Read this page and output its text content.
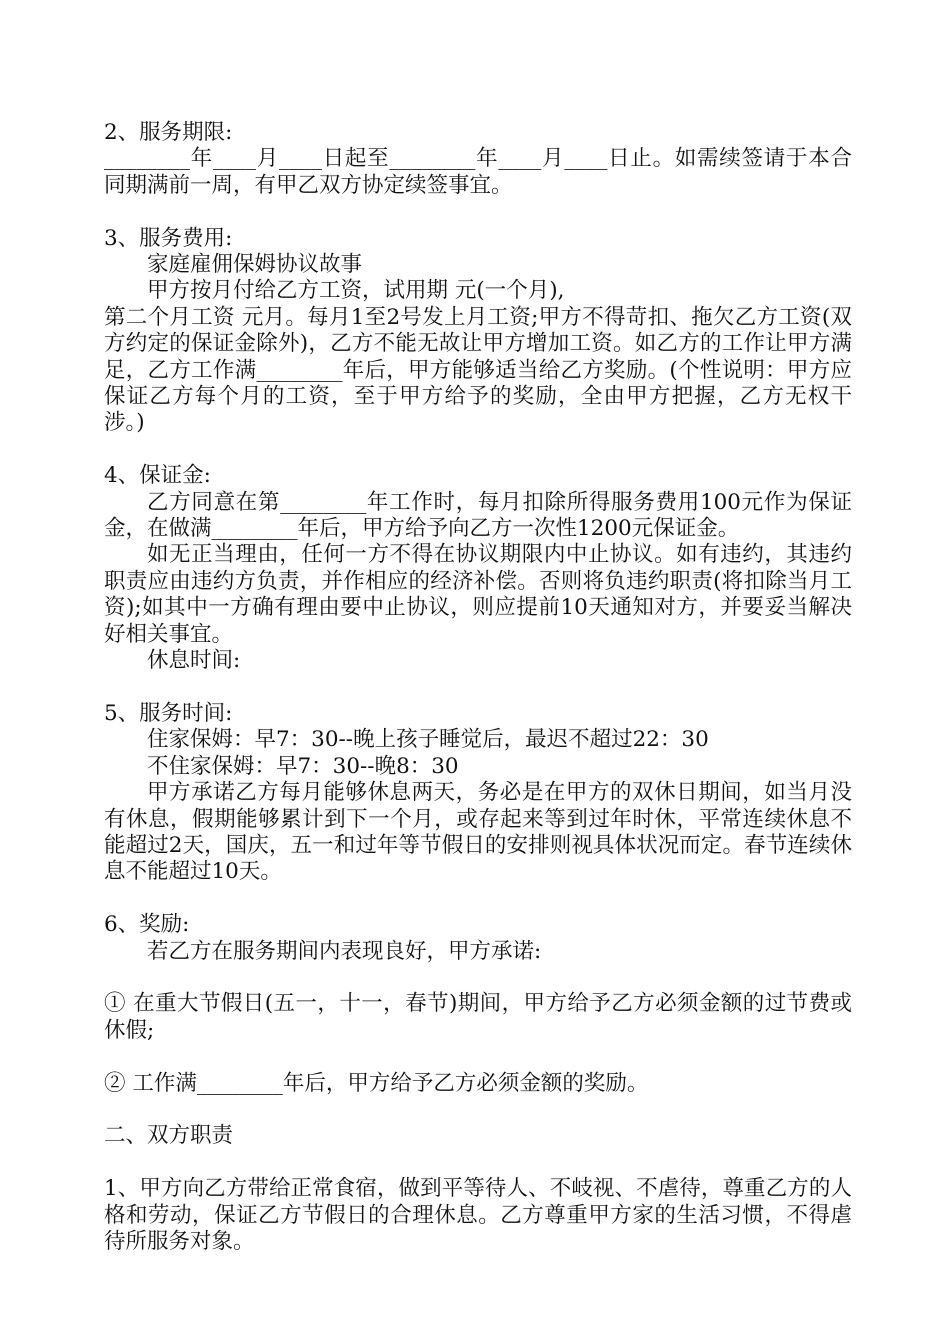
2、服务期限:

________年____月____日起至________年____月____日止。如需续签请于本合同期满前一周，有甲乙双方协定续签事宜。

3、服务费用:

家庭雇佣保姆协议故事

甲方按月付给乙方工资，试用期 元(一个月),

第二个月工资 元月。每月1至2号发上月工资;甲方不得苛扣、拖欠乙方工资(双方约定的保证金除外)，乙方不能无故让甲方增加工资。如乙方的工作让甲方满足，乙方工作满________年后，甲方能够适当给乙方奖励。(个性说明：甲方应保证乙方每个月的工资，至于甲方给予的奖励，全由甲方把握，乙方无权干涉。)

4、保证金:

乙方同意在第________年工作时，每月扣除所得服务费用100元作为保证金，在做满________年后，甲方给予向乙方一次性1200元保证金。

如无正当理由，任何一方不得在协议期限内中止协议。如有违约，其违约职责应由违约方负责，并作相应的经济补偿。否则将负违约职责(将扣除当月工资);如其中一方确有理由要中止协议，则应提前10天通知对方，并要妥当解决好相关事宜。

休息时间:

5、服务时间:

住家保姆：早7：30--晚上孩子睡觉后，最迟不超过22：30

不住家保姆：早7：30--晚8：30

甲方承诺乙方每月能够休息两天，务必是在甲方的双休日期间，如当月没有休息，假期能够累计到下一个月，或存起来等到过年时休，平常连续休息不能超过2天，国庆，五一和过年等节假日的安排则视具体状况而定。春节连续休息不能超过10天。

6、奖励:

若乙方在服务期间内表现良好，甲方承诺:

① 在重大节假日(五一，十一，春节)期间，甲方给予乙方必须金额的过节费或休假;

② 工作满________年后，甲方给予乙方必须金额的奖励。

二、双方职责

1、甲方向乙方带给正常食宿，做到平等待人、不岐视、不虐待，尊重乙方的人格和劳动，保证乙方节假日的合理休息。乙方尊重甲方家的生活习惯，不得虐待所服务对象。
